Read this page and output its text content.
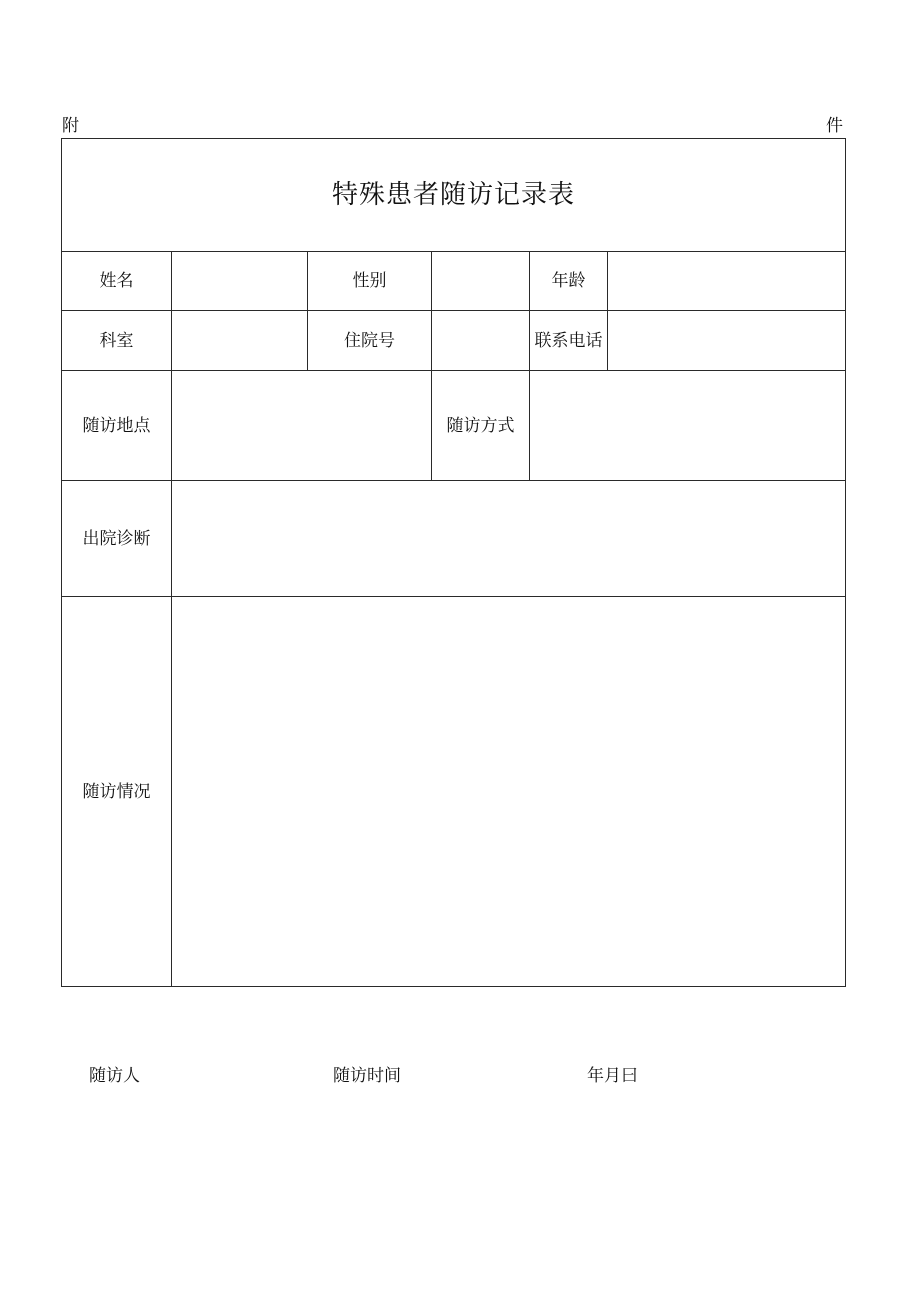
附	件
特殊患者随访记录表					
姓名		性别		年龄	
科室		住院号		联系电话	
随访地点			随访方式		
出院诊断					
随访情况					
随访人	随访时间	年月曰
